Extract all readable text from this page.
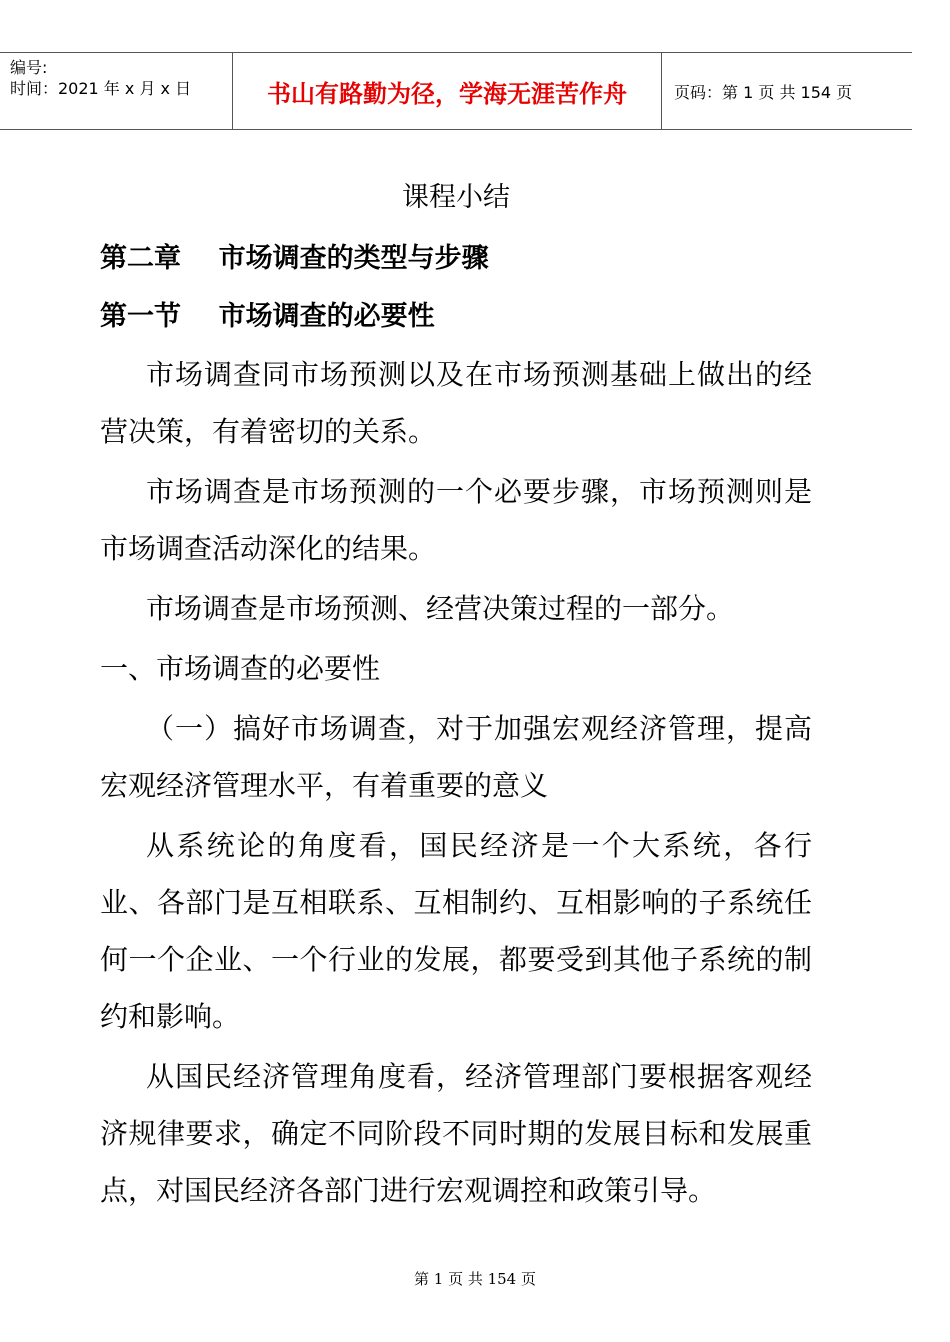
编号:
时间：2021 年 x 月 x 日	书山有路勤为径，学海无涯苦作舟	页码：第 1 页 共 154 页
课程小结
第二章    市场调查的类型与步骤
第一节    市场调查的必要性

市场调查同市场预测以及在市场预测基础上做出的经营决策，有着密切的关系。

市场调查是市场预测的一个必要步骤，市场预测则是市场调查活动深化的结果。

市场调查是市场预测、经营决策过程的一部分。

一、市场调查的必要性

（一）搞好市场调查，对于加强宏观经济管理，提高宏观经济管理水平，有着重要的意义

从系统论的角度看，国民经济是一个大系统，各行业、各部门是互相联系、互相制约、互相影响的子系统任何一个企业、一个行业的发展，都要受到其他子系统的制约和影响。

从国民经济管理角度看，经济管理部门要根据客观经济规律要求，确定不同阶段不同时期的发展目标和发展重点，对国民经济各部门进行宏观调控和政策引导。

第 1 页 共 154 页
